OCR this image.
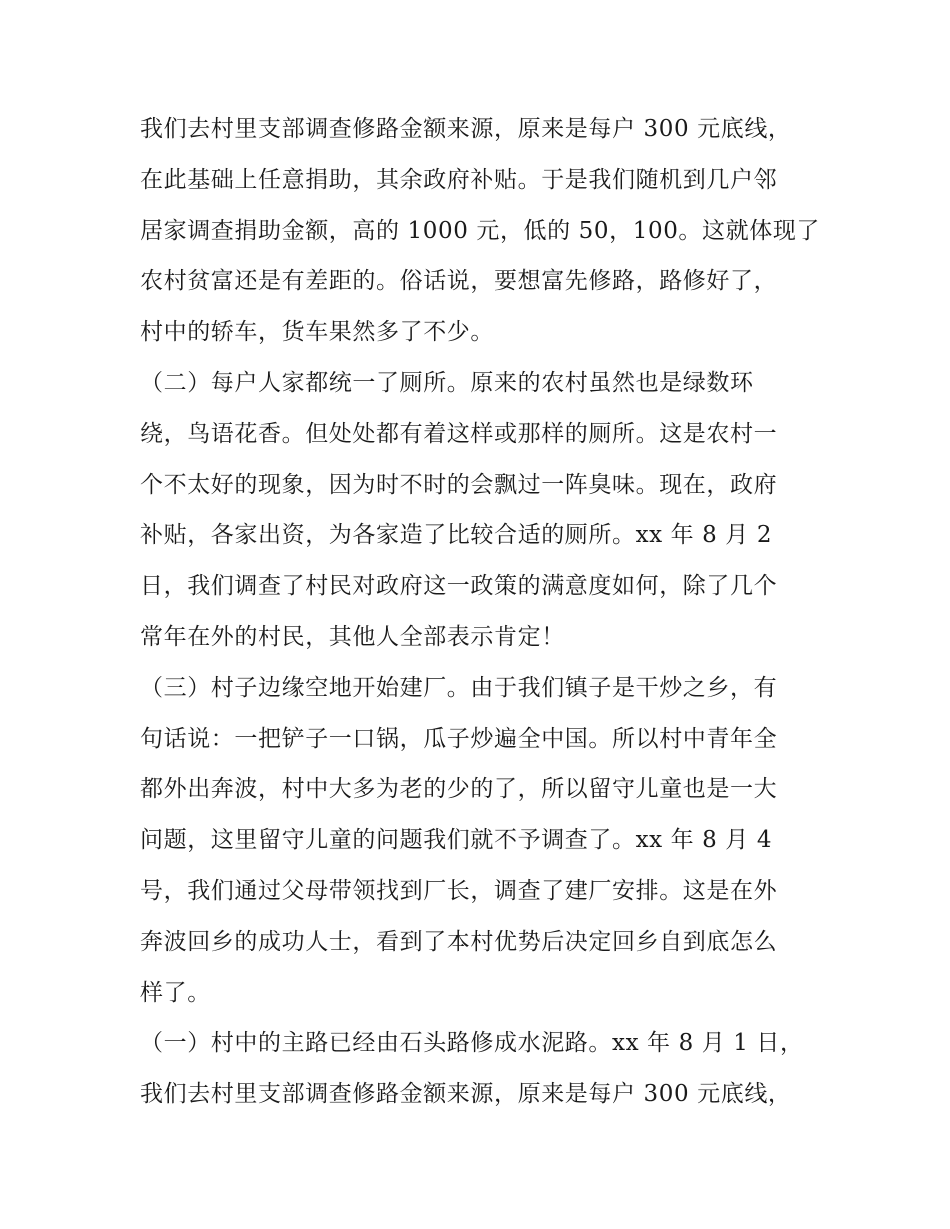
我们去村里支部调查修路金额来源，原来是每户 300 元底线，
在此基础上任意捐助，其余政府补贴。于是我们随机到几户邻
居家调查捐助金额，高的 1000 元，低的 50，100。这就体现了
农村贫富还是有差距的。俗话说，要想富先修路，路修好了，
村中的轿车，货车果然多了不少。
（二）每户人家都统一了厕所。原来的农村虽然也是绿数环
绕，鸟语花香。但处处都有着这样或那样的厕所。这是农村一
个不太好的现象，因为时不时的会飘过一阵臭味。现在，政府
补贴，各家出资，为各家造了比较合适的厕所。xx 年 8 月 2
日，我们调查了村民对政府这一政策的满意度如何，除了几个
常年在外的村民，其他人全部表示肯定！
（三）村子边缘空地开始建厂。由于我们镇子是干炒之乡，有
句话说：一把铲子一口锅，瓜子炒遍全中国。所以村中青年全
都外出奔波，村中大多为老的少的了，所以留守儿童也是一大
问题，这里留守儿童的问题我们就不予调查了。xx 年 8 月 4
号，我们通过父母带领找到厂长，调查了建厂安排。这是在外
奔波回乡的成功人士，看到了本村优势后决定回乡自到底怎么
样了。
（一）村中的主路已经由石头路修成水泥路。xx 年 8 月 1 日，
我们去村里支部调查修路金额来源，原来是每户 300 元底线，
